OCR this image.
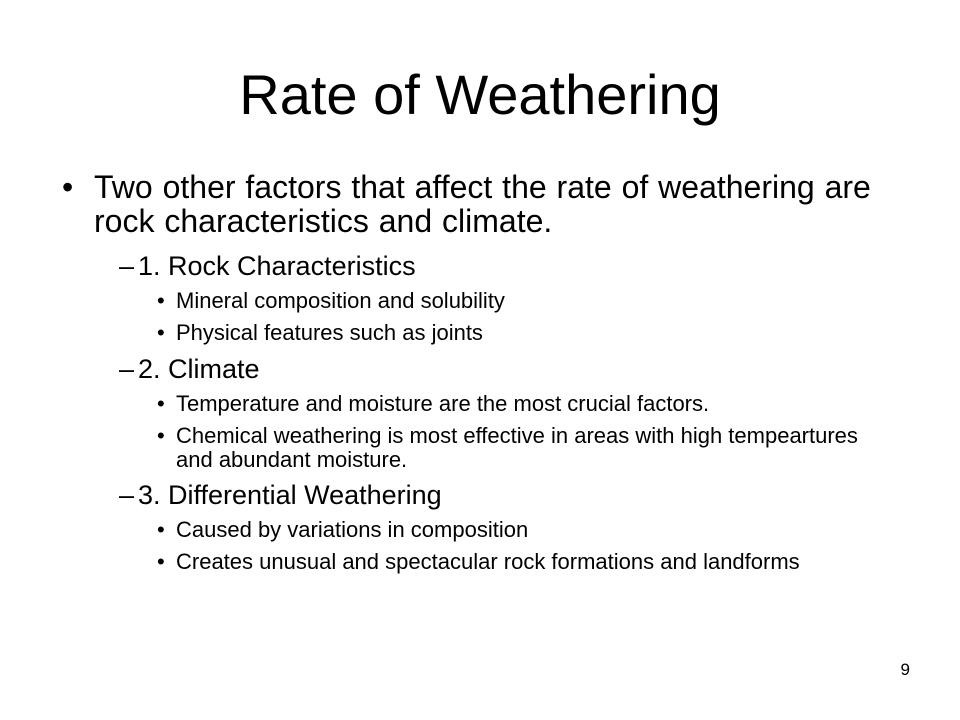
Rate of Weathering
• Two other factors that affect the rate of weathering are rock characteristics and climate.
– 1. Rock Characteristics
• Mineral composition and solubility
• Physical features such as joints
– 2. Climate
• Temperature and moisture are the most crucial factors.
• Chemical weathering is most effective in areas with high tempeartures and abundant moisture.
– 3. Differential Weathering
• Caused by variations in composition
• Creates unusual and spectacular rock formations and landforms
9
